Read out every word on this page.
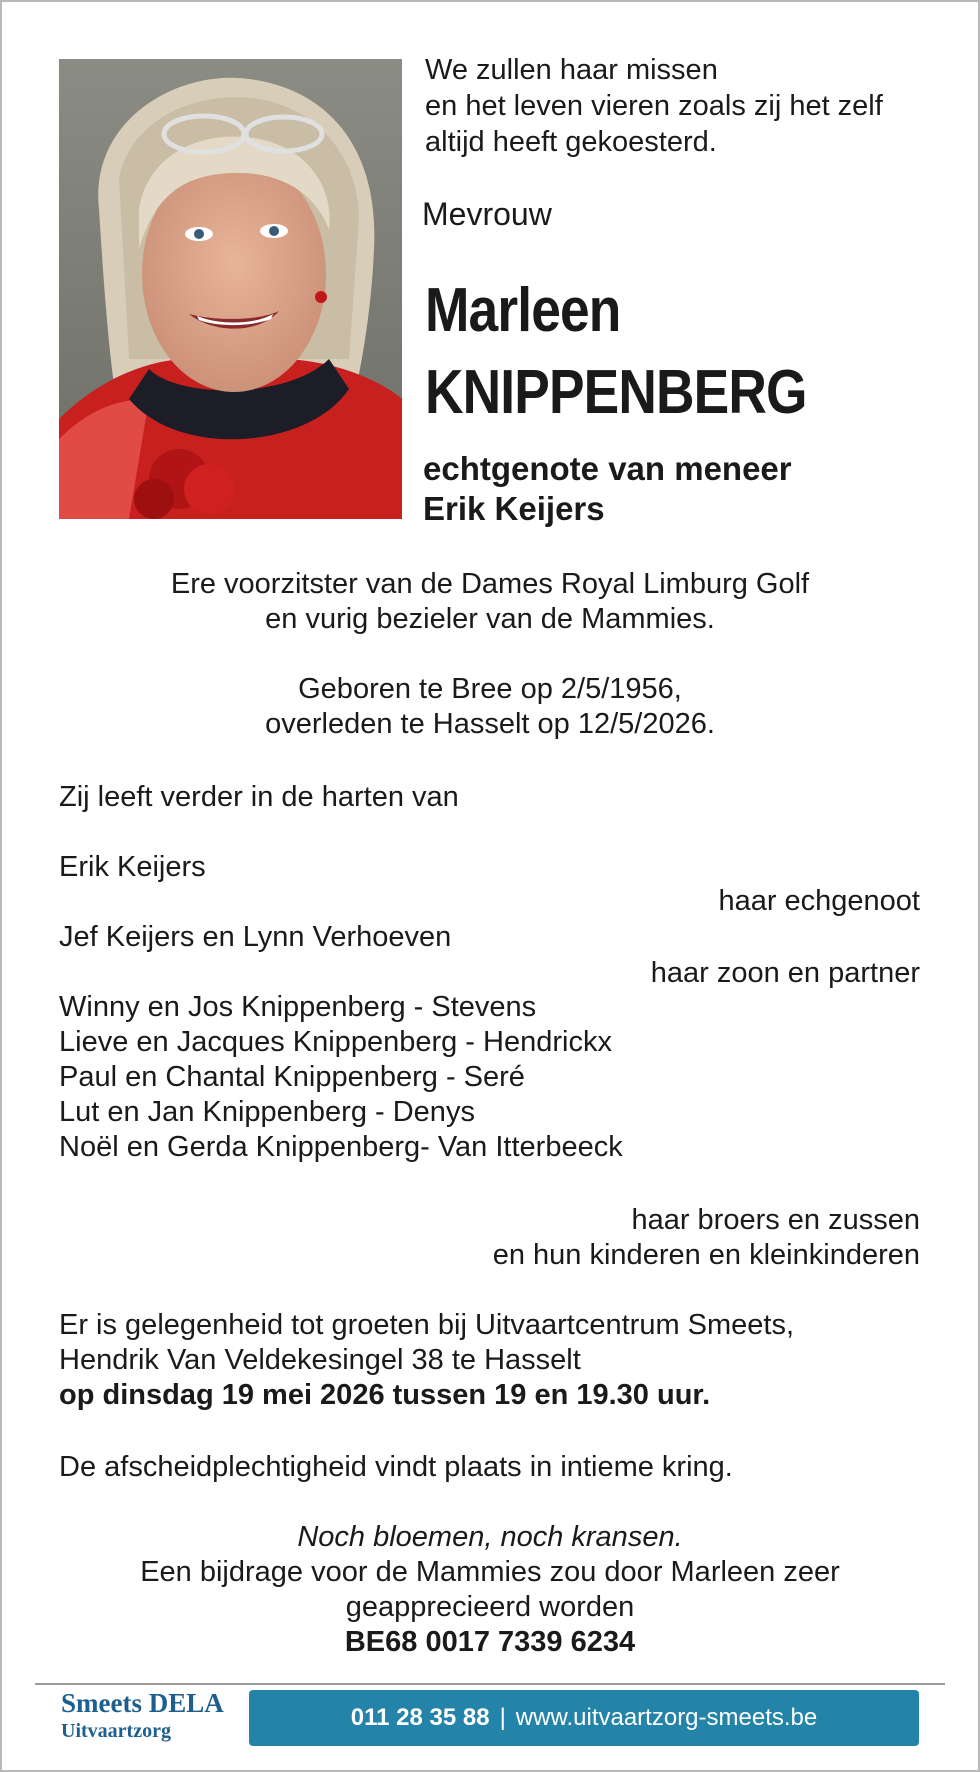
We zullen haar missen
en het leven vieren zoals zij het zelf
altijd heeft gekoesterd.
Mevrouw
Marleen
KNIPPENBERG
echtgenote van meneer
Erik Keijers
Ere voorzitster van de Dames Royal Limburg Golf
en vurig bezieler van de Mammies.
Geboren te Bree op 2/5/1956,
overleden te Hasselt op 12/5/2026.
Zij leeft verder in de harten van
Erik Keijers
haar echgenoot
Jef Keijers en Lynn Verhoeven
haar zoon en partner
Winny en Jos Knippenberg - Stevens
Lieve en Jacques Knippenberg - Hendrickx
Paul en Chantal Knippenberg - Seré
Lut en Jan Knippenberg - Denys
Noël en Gerda Knippenberg- Van Itterbeeck
haar broers en zussen
en hun kinderen en kleinkinderen
Er is gelegenheid tot groeten bij Uitvaartcentrum Smeets,
Hendrik Van Veldekesingel 38 te Hasselt
op dinsdag 19 mei 2026 tussen 19 en 19.30 uur.
De afscheidplechtigheid vindt plaats in intieme kring.
Noch bloemen, noch kransen.
Een bijdrage voor de Mammies zou door Marleen zeer
geapprecieerd worden
BE68 0017 7339 6234
Smeets DELA
Uitvaartzorg	011 28 35 88 | www.uitvaartzorg-smeets.be
